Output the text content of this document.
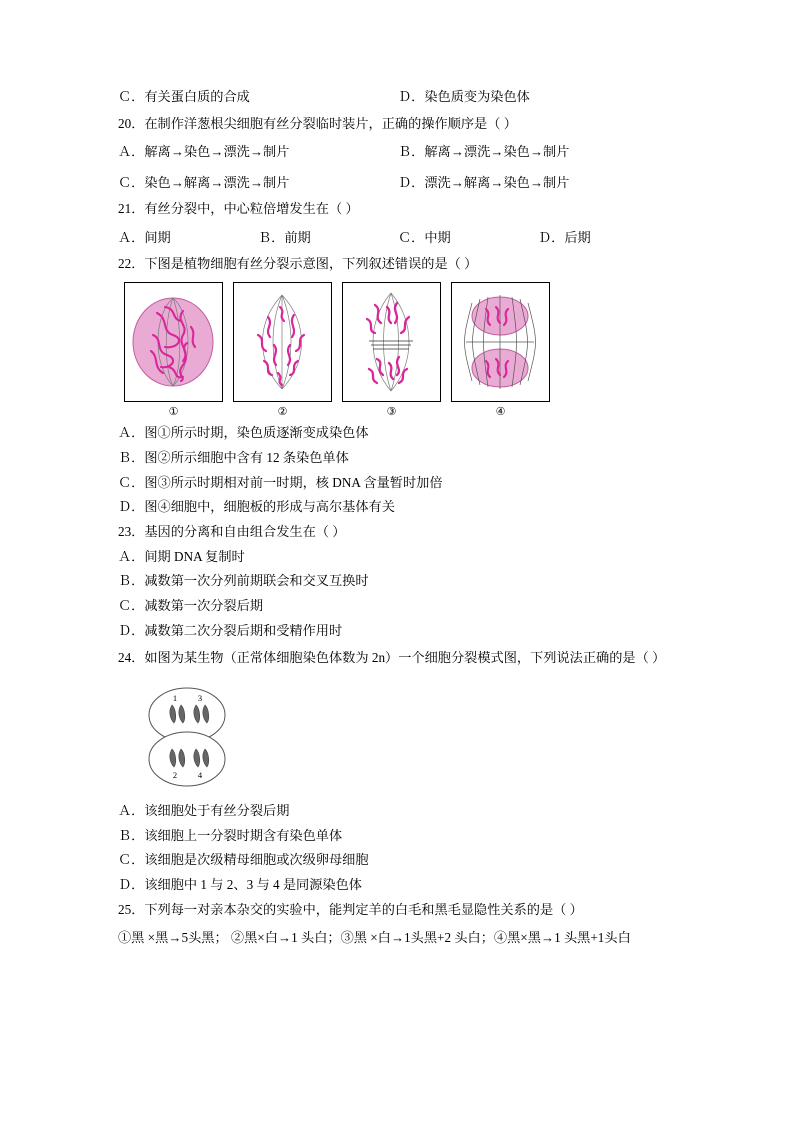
Ｃ．有关蛋白质的合成	Ｄ．染色质变为染色体
20．在制作洋葱根尖细胞有丝分裂临时装片，正确的操作顺序是（ ）
Ａ．解离→染色→漂洗→制片	Ｂ．解离→漂洗→染色→制片
Ｃ．染色→解离→漂洗→制片	Ｄ．漂洗→解离→染色→制片
21．有丝分裂中，中心粒倍增发生在（ ）
Ａ．间期	Ｂ．前期	Ｃ．中期	Ｄ．后期
22．下图是植物细胞有丝分裂示意图，下列叙述错误的是（ ）
①	②	③	④
Ａ．图①所示时期，染色质逐渐变成染色体
Ｂ．图②所示细胞中含有 12 条染色单体
Ｃ．图③所示时期相对前一时期，核 DNA 含量暂时加倍
Ｄ．图④细胞中，细胞板的形成与高尔基体有关
23．基因的分离和自由组合发生在（ ）
Ａ．间期 DNA 复制时
Ｂ．减数第一次分列前期联会和交叉互换时
Ｃ．减数第一次分裂后期
Ｄ．减数第二次分裂后期和受精作用时
24．如图为某生物（正常体细胞染色体数为 2n）一个细胞分裂模式图，下列说法正确的是（ ）
1 3
2 4
Ａ．该细胞处于有丝分裂后期
Ｂ．该细胞上一分裂时期含有染色单体
Ｃ．该细胞是次级精母细胞或次级卵母细胞
Ｄ．该细胞中 1 与 2、3 与 4 是同源染色体
25．下列每一对亲本杂交的实验中，能判定羊的白毛和黑毛显隐性关系的是（ ）
①黑 ×黑→5头黑； ②黑×白→1 头白；③黑 ×白→1头黑+2 头白；④黑×黑→1 头黑+1头白
